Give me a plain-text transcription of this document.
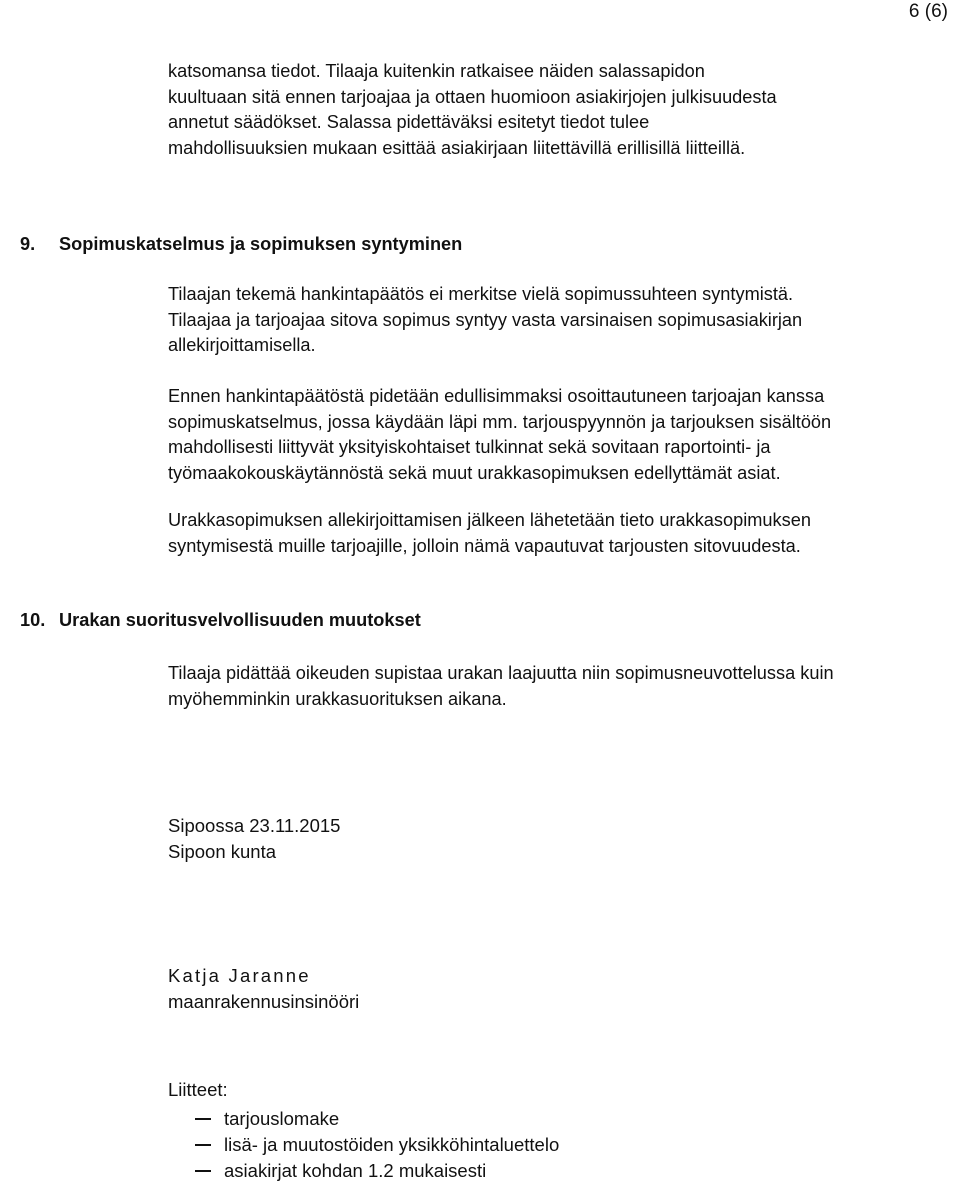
6 (6)
katsomansa tiedot. Tilaaja kuitenkin ratkaisee näiden salassapidon
kuultuaan sitä ennen tarjoajaa ja ottaen huomioon asiakirjojen julkisuudesta
annetut säädökset. Salassa pidettäväksi esitetyt tiedot tulee
mahdollisuuksien mukaan esittää asiakirjaan liitettävillä erillisillä liitteillä.
9. Sopimuskatselmus ja sopimuksen syntyminen
Tilaajan tekemä hankintapäätös ei merkitse vielä sopimussuhteen syntymistä.
Tilaajaa ja tarjoajaa sitova sopimus syntyy vasta varsinaisen sopimusasiakirjan
allekirjoittamisella.
Ennen hankintapäätöstä pidetään edullisimmaksi osoittautuneen tarjoajan kanssa
sopimuskatselmus, jossa käydään läpi mm. tarjouspyynnön ja tarjouksen sisältöön
mahdollisesti liittyvät yksityiskohtaiset tulkinnat sekä sovitaan raportointi- ja
työmaakokouskäytännöstä sekä muut urakkasopimuksen edellyttämät asiat.
Urakkasopimuksen allekirjoittamisen jälkeen lähetetään tieto urakkasopimuksen
syntymisestä muille tarjoajille, jolloin nämä vapautuvat tarjousten sitovuudesta.
10. Urakan suoritusvelvollisuuden muutokset
Tilaaja pidättää oikeuden supistaa urakan laajuutta niin sopimusneuvottelussa kuin
myöhemminkin urakkasuorituksen aikana.
Sipoossa 23.11.2015
Sipoon kunta
Katja Jaranne
maanrakennusinsinööri
Liitteet:
tarjouslomake
lisä- ja muutostöiden yksikköhintaluettelo
asiakirjat kohdan 1.2 mukaisesti
